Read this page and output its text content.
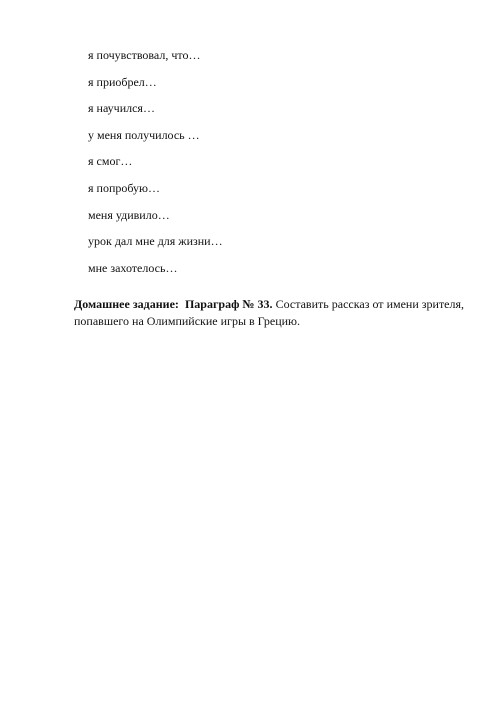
я почувствовал, что…
я приобрел…
я научился…
у меня получилось …
я смог…
я попробую…
меня удивило…
урок дал мне для жизни…
мне захотелось…

Домашнее задание: Параграф № 33. Составить рассказ от имени зрителя,
попавшего на Олимпийские игры в Грецию.
